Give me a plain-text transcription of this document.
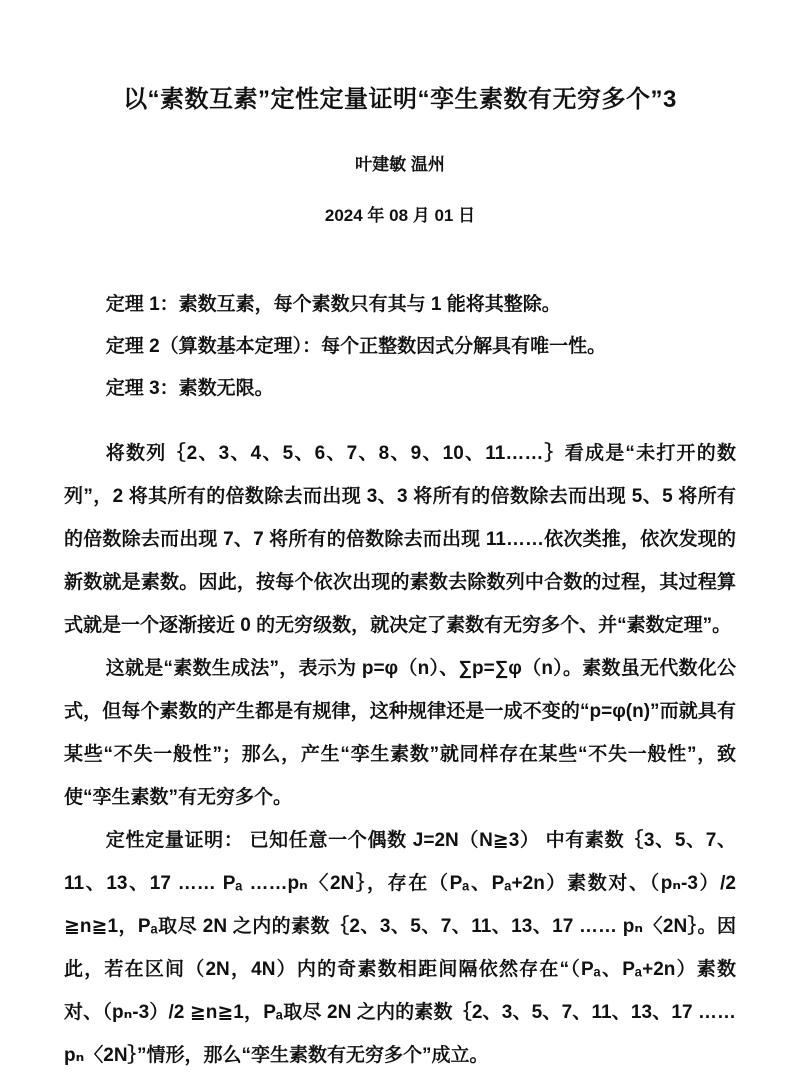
以“素数互素”定性定量证明“孪生素数有无穷多个”3
叶建敏 温州
2024 年 08 月 01 日

定理 1：素数互素，每个素数只有其与 1 能将其整除。

定理 2（算数基本定理）：每个正整数因式分解具有唯一性。

定理 3：素数无限。

将数列｛2、3、4、5、6、7、8、9、10、11……｝看成是“未打开的数列”，2 将其所有的倍数除去而出现 3、3 将所有的倍数除去而出现 5、5 将所有的倍数除去而出现 7、7 将所有的倍数除去而出现 11……依次类推，依次发现的新数就是素数。因此，按每个依次出现的素数去除数列中合数的过程，其过程算式就是一个逐渐接近 0 的无穷级数，就决定了素数有无穷多个、并“素数定理”。

这就是“素数生成法”，表示为 p=φ（n）、∑p=∑φ（n）。素数虽无代数化公式，但每个素数的产生都是有规律，这种规律还是一成不变的“p=φ(n)”而就具有某些“不失一般性”；那么，产生“孪生素数”就同样存在某些“不失一般性”，致使“孪生素数”有无穷多个。

定性定量证明： 已知任意一个偶数 J=2N（N≧3） 中有素数｛3、5、7、11、13、17 …… Pₐ ……pₙ〈2N｝，存在（Pₐ、Pₐ+2n）素数对、（pₙ-3）/2 ≧n≧1，Pₐ取尽 2N 之内的素数｛2、3、5、7、11、13、17 …… pₙ〈2N｝。因此，若在区间（2N，4N）内的奇素数相距间隔依然存在“（Pₐ、Pₐ+2n）素数对、（pₙ-3）/2 ≧n≧1，Pₐ取尽 2N 之内的素数｛2、3、5、7、11、13、17 …… pₙ〈2N｝”情形，那么“孪生素数有无穷多个”成立。
